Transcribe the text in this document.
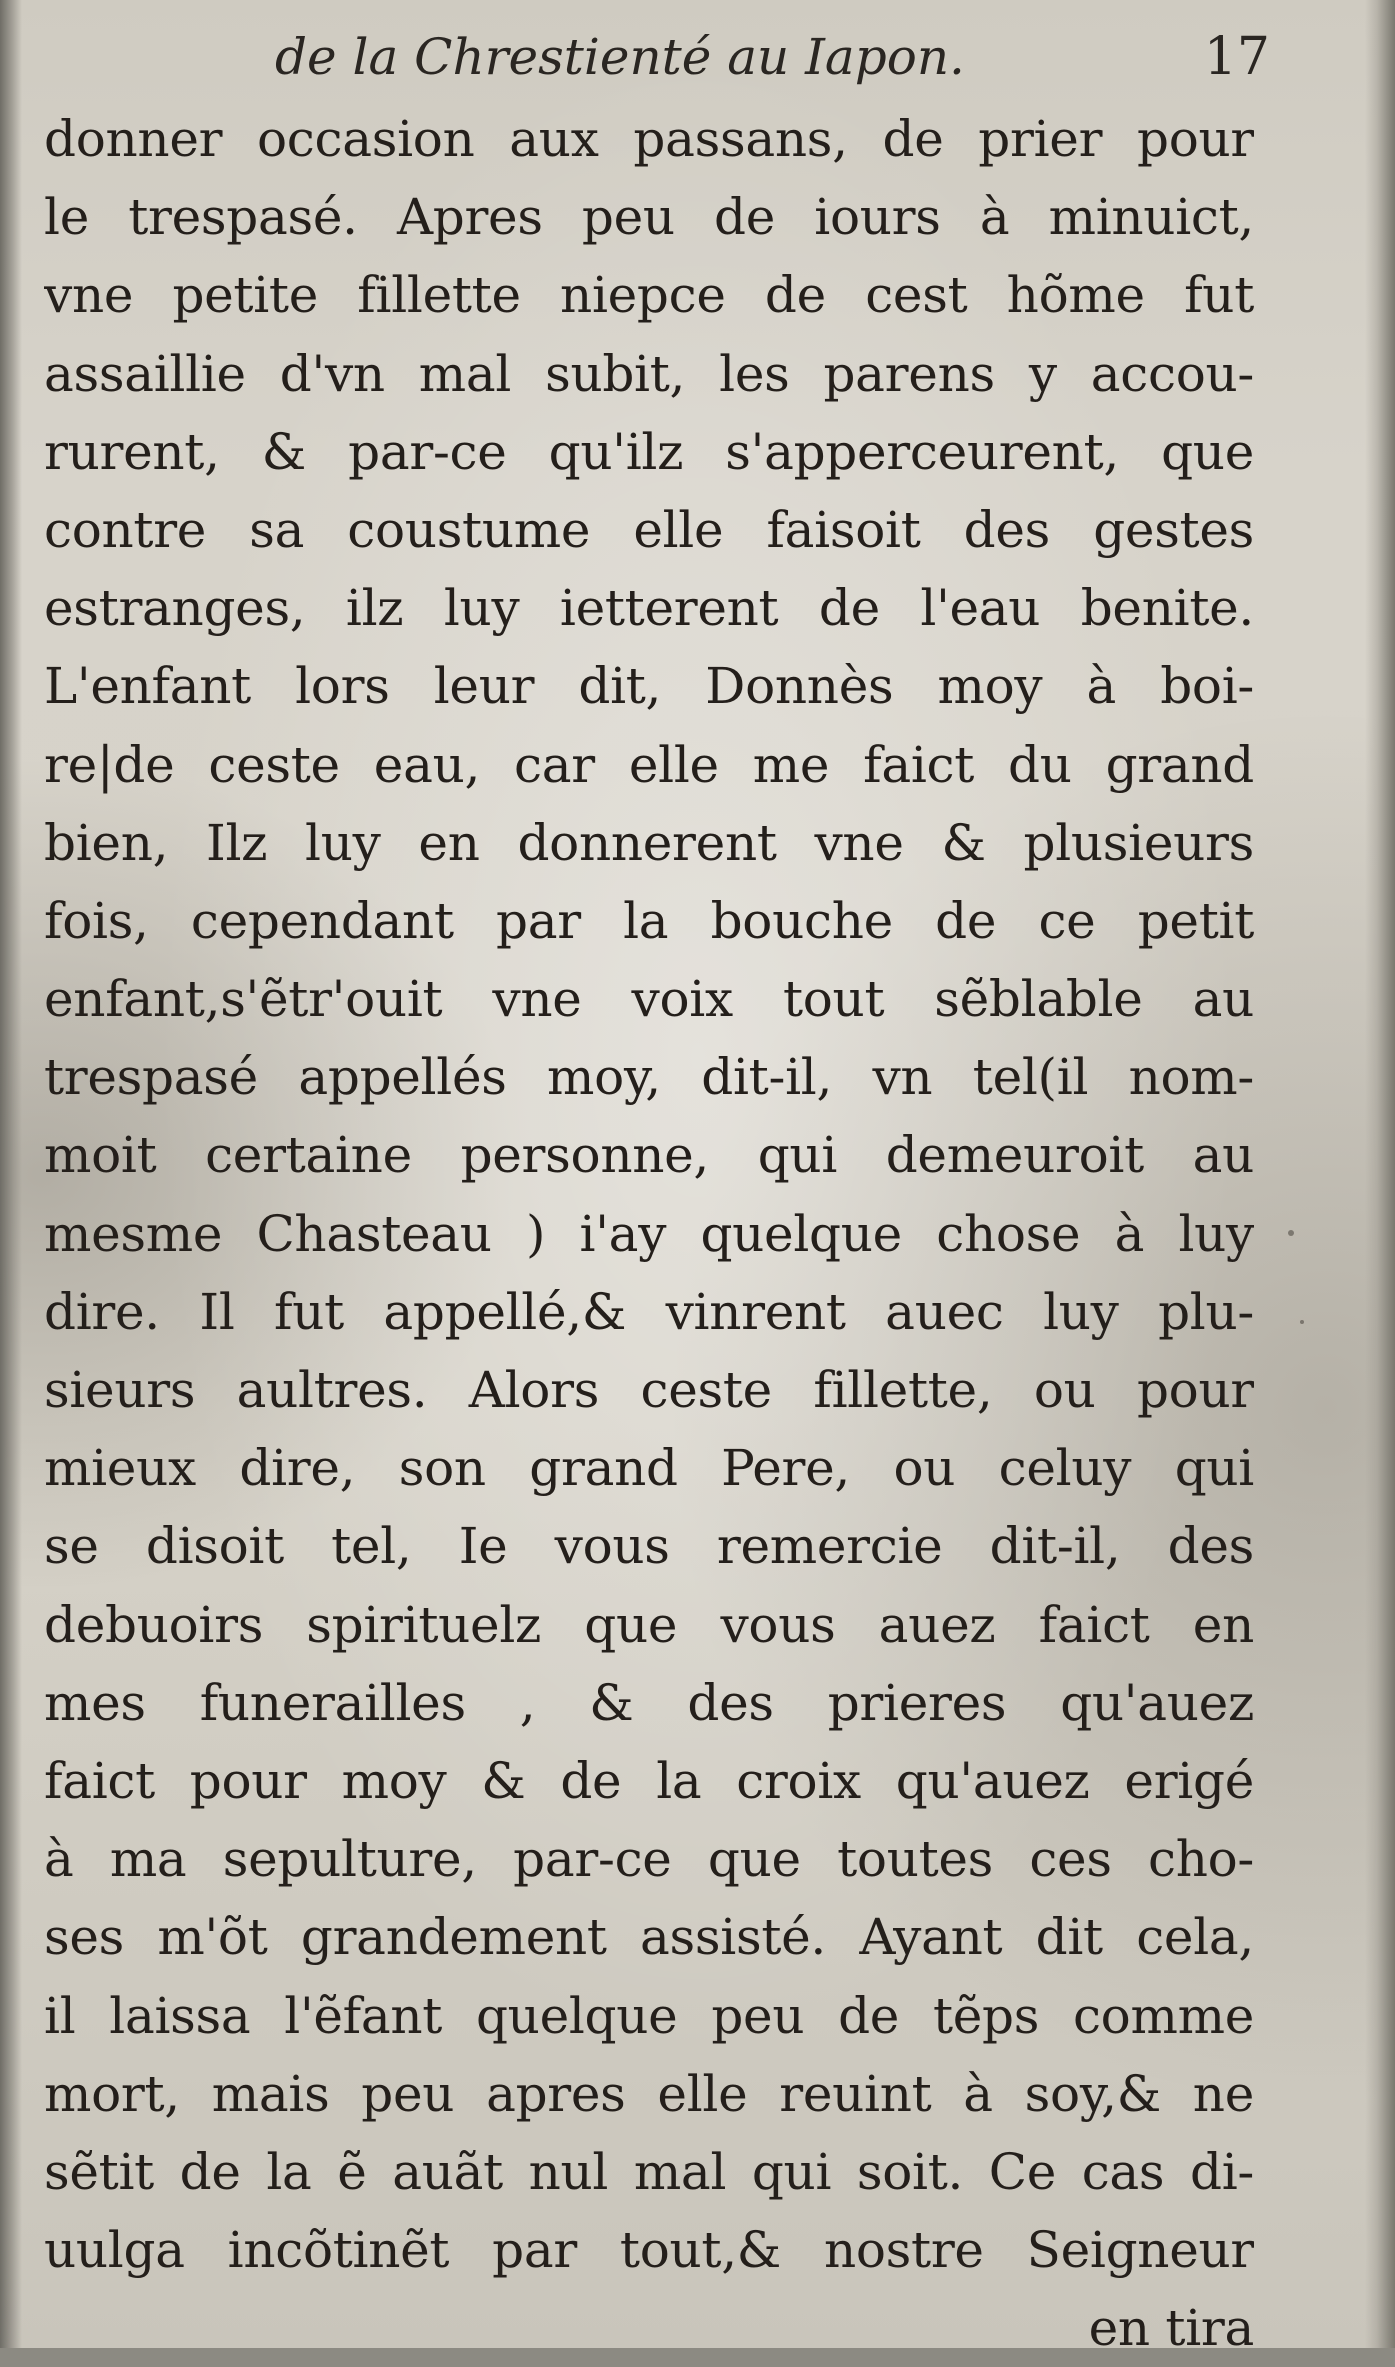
de la Chrestienté au Iapon.	17
donner occasion aux passans, de prier pour
le trespasé. Apres peu de iours à minuict,
vne petite fillette niepce de cest hõme fut
assaillie d'vn mal subit, les parens y accou-
rurent, & par-ce qu'ilz s'apperceurent, que
contre sa coustume elle faisoit des gestes
estranges, ilz luy ietterent de l'eau benite.
L'enfant lors leur dit, Donnès moy à boi-
re|de ceste eau, car elle me faict du grand
bien, Ilz luy en donnerent vne & plusieurs
fois, cependant par la bouche de ce petit
enfant,s'ẽtr'ouit vne voix tout sẽblable au
trespasé appellés moy, dit-il, vn tel(il nom-
moit certaine personne, qui demeuroit au
mesme Chasteau ) i'ay quelque chose à luy
dire. Il fut appellé,& vinrent auec luy plu-
sieurs aultres. Alors ceste fillette, ou pour
mieux dire, son grand Pere, ou celuy qui
se disoit tel, Ie vous remercie dit-il, des
debuoirs spirituelz que vous auez faict en
mes funerailles , & des prieres qu'auez
faict pour moy & de la croix qu'auez erigé
à ma sepulture, par-ce que toutes ces cho-
ses m'õt grandement assisté. Ayant dit cela,
il laissa l'ẽfant quelque peu de tẽps comme
mort, mais peu apres elle reuint à soy,& ne
sẽtit de la ẽ auãt nul mal qui soit. Ce cas di-
uulga incõtinẽt par tout,& nostre Seigneur
en tira
